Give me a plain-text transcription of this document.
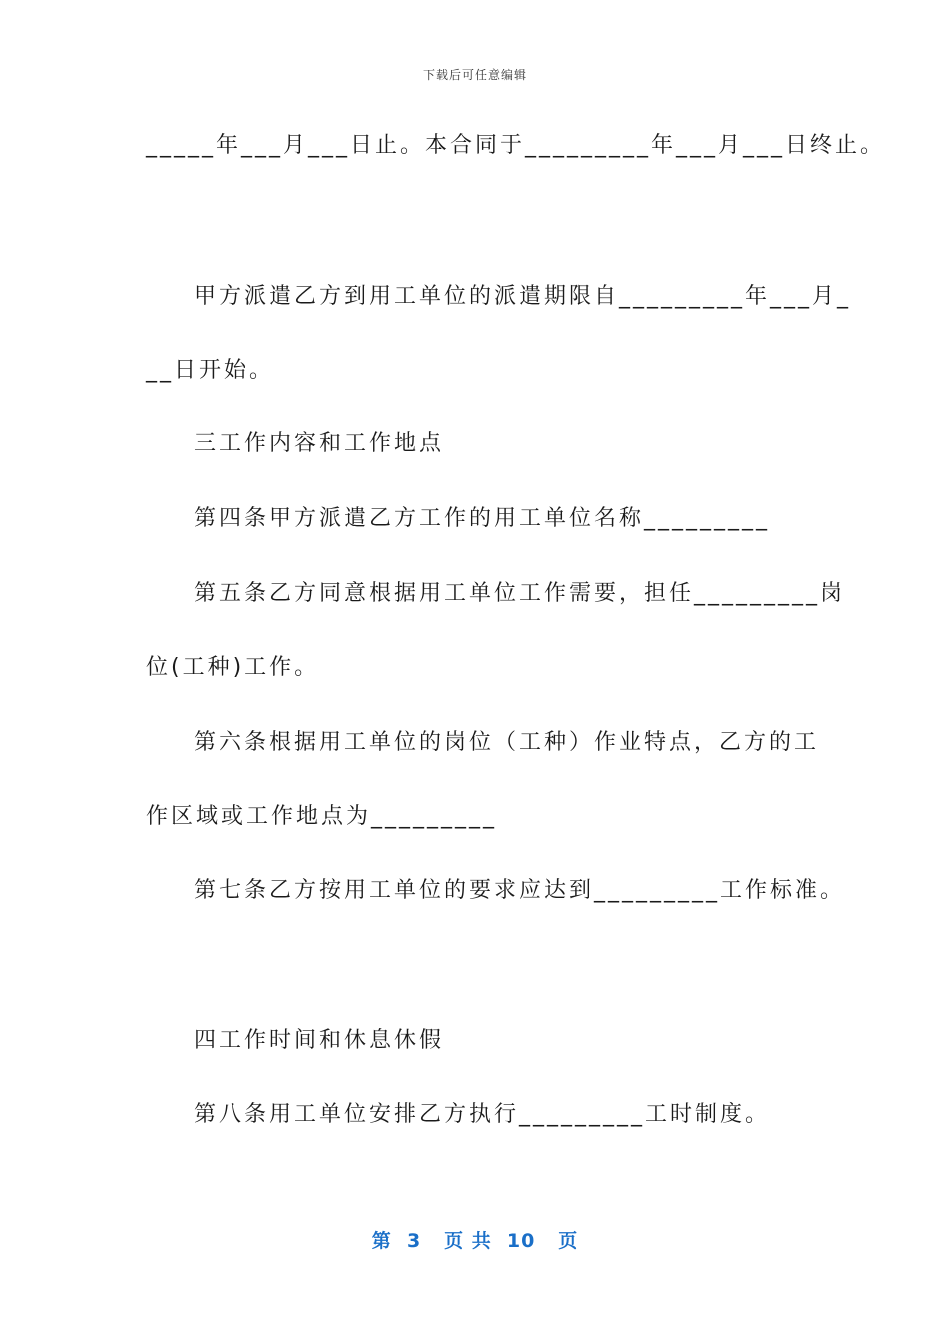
下载后可任意编辑
_____年___月___日止。本合同于_________年___月___日终止。
甲方派遣乙方到用工单位的派遣期限自_________年___月_
__日开始。
三工作内容和工作地点
第四条甲方派遣乙方工作的用工单位名称_________
第五条乙方同意根据用工单位工作需要，担任_________岗
位(工种)工作。
第六条根据用工单位的岗位（工种）作业特点，乙方的工
作区域或工作地点为_________
第七条乙方按用工单位的要求应达到_________工作标准。
四工作时间和休息休假
第八条用工单位安排乙方执行_________工时制度。
第  3   页 共  10   页
